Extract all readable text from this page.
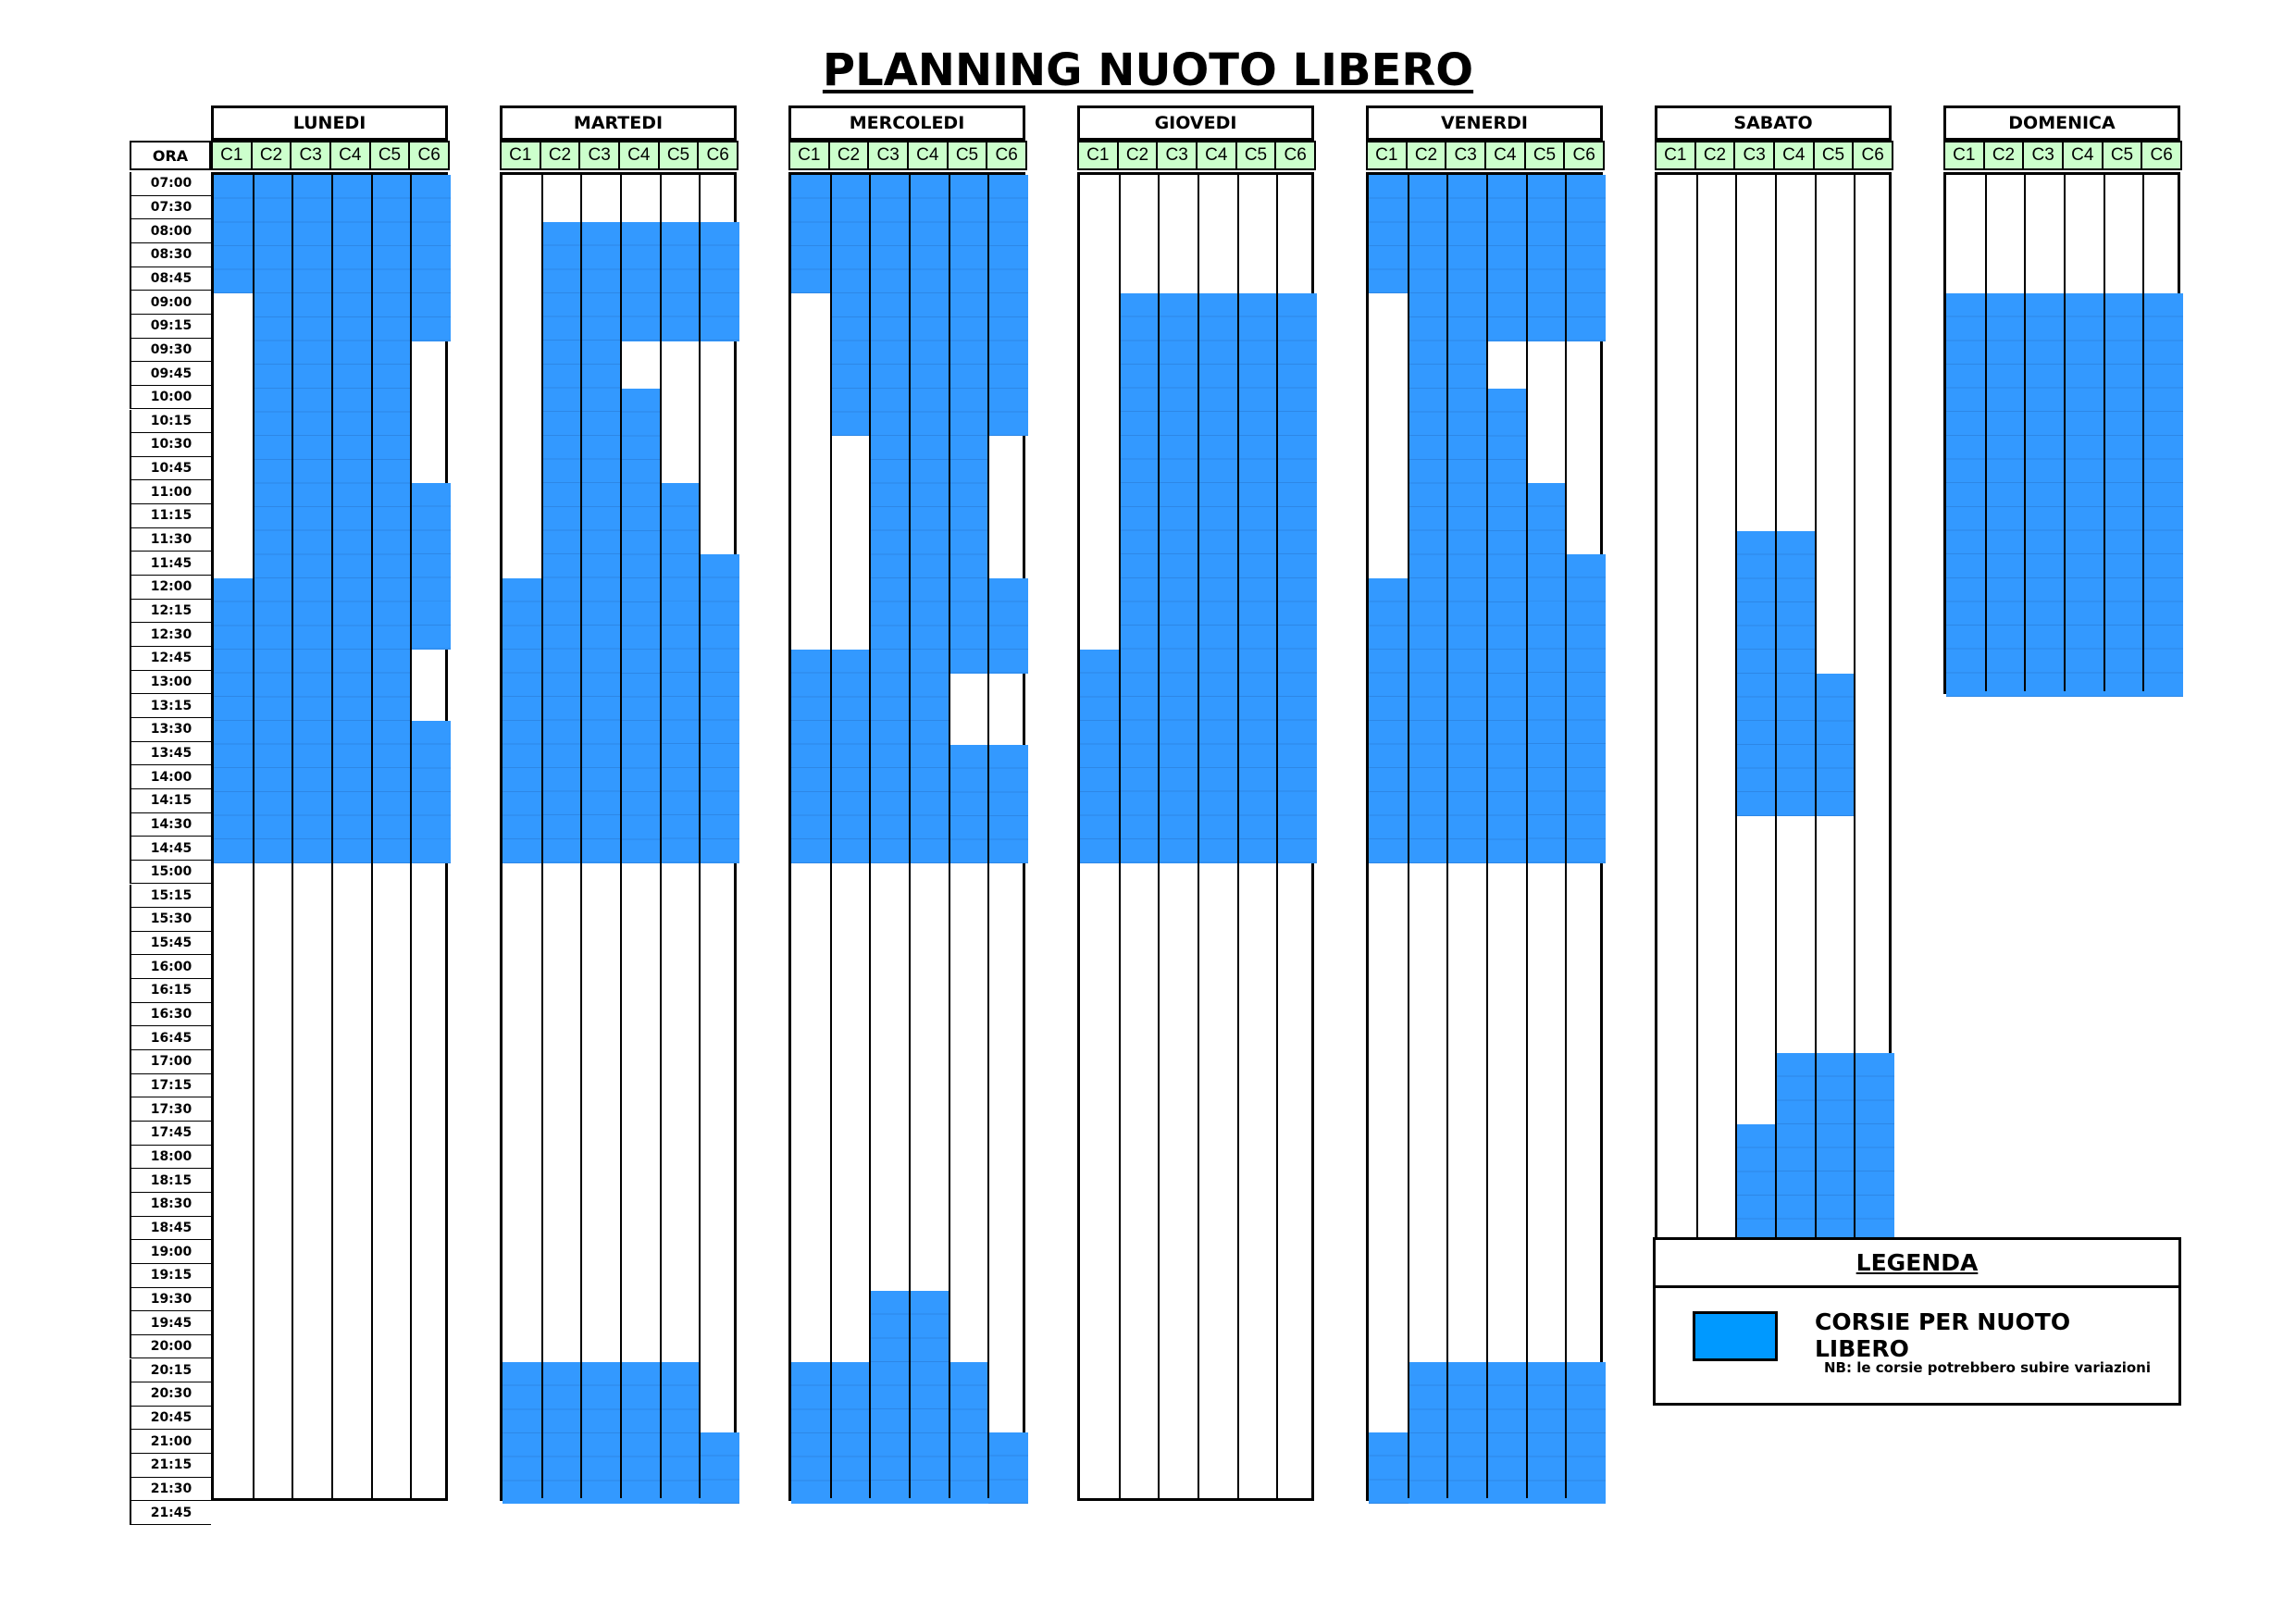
PLANNING NUOTO LIBERO
ORA
07:00
07:30
08:00
08:30
08:45
09:00
09:15
09:30
09:45
10:00
10:15
10:30
10:45
11:00
11:15
11:30
11:45
12:00
12:15
12:30
12:45
13:00
13:15
13:30
13:45
14:00
14:15
14:30
14:45
15:00
15:15
15:30
15:45
16:00
16:15
16:30
16:45
17:00
17:15
17:30
17:45
18:00
18:15
18:30
18:45
19:00
19:15
19:30
19:45
20:00
20:15
20:30
20:45
21:00
21:15
21:30
21:45
LUNEDI
C1 C2 C3 C4 C5 C6
MARTEDI
C1 C2 C3 C4 C5 C6
MERCOLEDI
C1 C2 C3 C4 C5 C6
GIOVEDI
C1 C2 C3 C4 C5 C6
VENERDI
C1 C2 C3 C4 C5 C6
SABATO
C1 C2 C3 C4 C5 C6
DOMENICA
C1 C2 C3 C4 C5 C6
LEGENDA
CORSIE PER NUOTO LIBERO
NB: le corsie potrebbero subire variazioni
